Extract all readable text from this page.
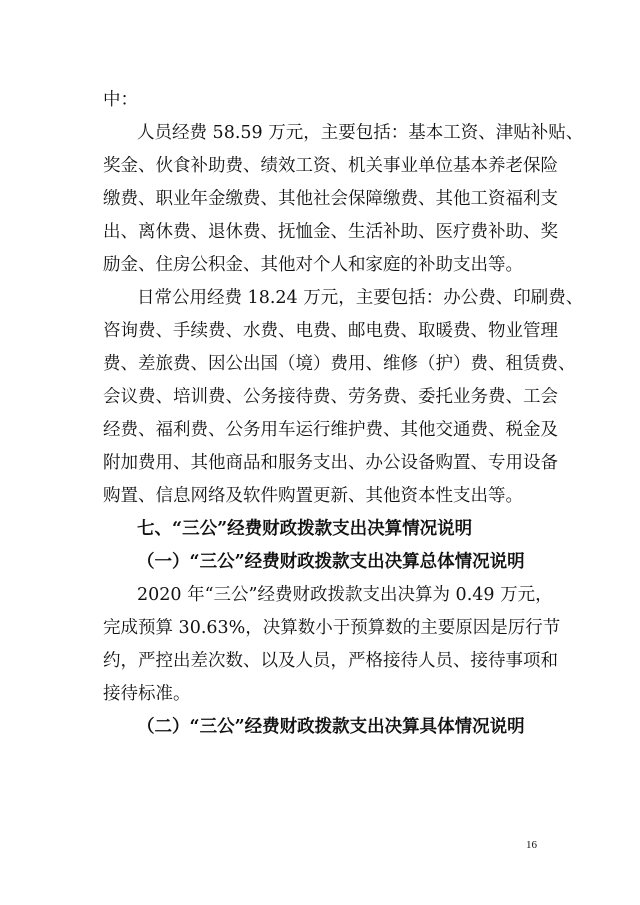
中：
人员经费 58.59 万元，主要包括：基本工资、津贴补贴、
奖金、伙食补助费、绩效工资、机关事业单位基本养老保险
缴费、职业年金缴费、其他社会保障缴费、其他工资福利支
出、离休费、退休费、抚恤金、生活补助、医疗费补助、奖
励金、住房公积金、其他对个人和家庭的补助支出等。
日常公用经费 18.24 万元，主要包括：办公费、印刷费、
咨询费、手续费、水费、电费、邮电费、取暖费、物业管理
费、差旅费、因公出国（境）费用、维修（护）费、租赁费、
会议费、培训费、公务接待费、劳务费、委托业务费、工会
经费、福利费、公务用车运行维护费、其他交通费、税金及
附加费用、其他商品和服务支出、办公设备购置、专用设备
购置、信息网络及软件购置更新、其他资本性支出等。
七、“三公”经费财政拨款支出决算情况说明
（一）“三公”经费财政拨款支出决算总体情况说明
2020 年“三公”经费财政拨款支出决算为 0.49 万元，
完成预算 30.63%，决算数小于预算数的主要原因是厉行节
约，严控出差次数、以及人员，严格接待人员、接待事项和
接待标准。
（二）“三公”经费财政拨款支出决算具体情况说明
16
